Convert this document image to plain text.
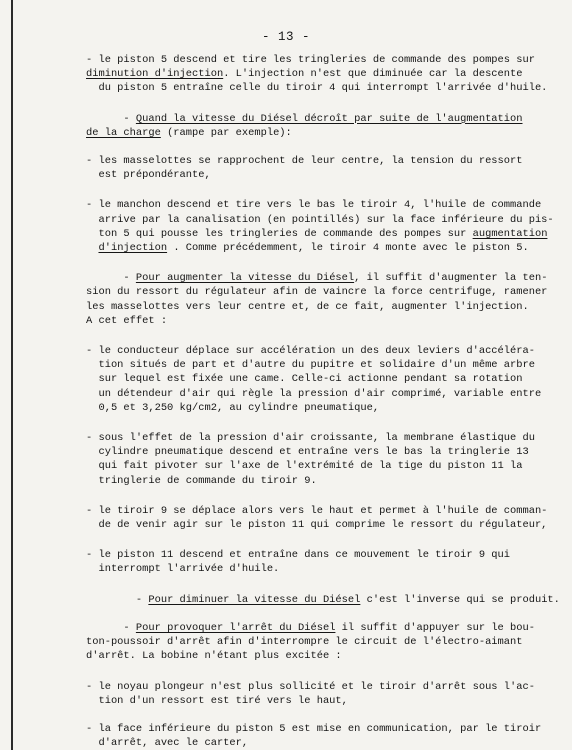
- 13 -
- le piston 5 descend et tire les tringleries de commande des pompes sur
diminution d'injection. L'injection n'est que diminuée car la descente
du piston 5 entraîne celle du tiroir 4 qui interrompt l'arrivée d'huile.
- Quand la vitesse du Diésel décroît par suite de l'augmentation
de la charge (rampe par exemple):
- les masselottes se rapprochent de leur centre, la tension du ressort
est prépondérante,
- le manchon descend et tire vers le bas le tiroir 4, l'huile de commande
arrive par la canalisation (en pointillés) sur la face inférieure du pis-
ton 5 qui pousse les tringleries de commande des pompes sur augmentation
d'injection . Comme précédemment, le tiroir 4 monte avec le piston 5.
- Pour augmenter la vitesse du Diésel, il suffit d'augmenter la ten-
sion du ressort du régulateur afin de vaincre la force centrifuge, ramener
les masselottes vers leur centre et, de ce fait, augmenter l'injection.
A cet effet :
- le conducteur déplace sur accélération un des deux leviers d'accéléra-
tion situés de part et d'autre du pupitre et solidaire d'un même arbre
sur lequel est fixée une came. Celle-ci actionne pendant sa rotation
un détendeur d'air qui règle la pression d'air comprimé, variable entre
0,5 et 3,250 kg/cm2, au cylindre pneumatique,
- sous l'effet de la pression d'air croissante, la membrane élastique du
cylindre pneumatique descend et entraîne vers le bas la tringlerie 13
qui fait pivoter sur l'axe de l'extrémité de la tige du piston 11 la
tringlerie de commande du tiroir 9.
- le tiroir 9 se déplace alors vers le haut et permet à l'huile de comman-
de de venir agir sur le piston 11 qui comprime le ressort du régulateur,
- le piston 11 descend et entraîne dans ce mouvement le tiroir 9 qui
interrompt l'arrivée d'huile.
- Pour diminuer la vitesse du Diésel c'est l'inverse qui se produit.
- Pour provoquer l'arrêt du Diésel il suffit d'appuyer sur le bou-
ton-poussoir d'arrêt afin d'interrompre le circuit de l'électro-aimant
d'arrêt. La bobine n'étant plus excitée :
- le noyau plongeur n'est plus sollicité et le tiroir d'arrêt sous l'ac-
tion d'un ressort est tiré vers le haut,
- la face inférieure du piston 5 est mise en communication, par le tiroir
d'arrêt, avec le carter,
